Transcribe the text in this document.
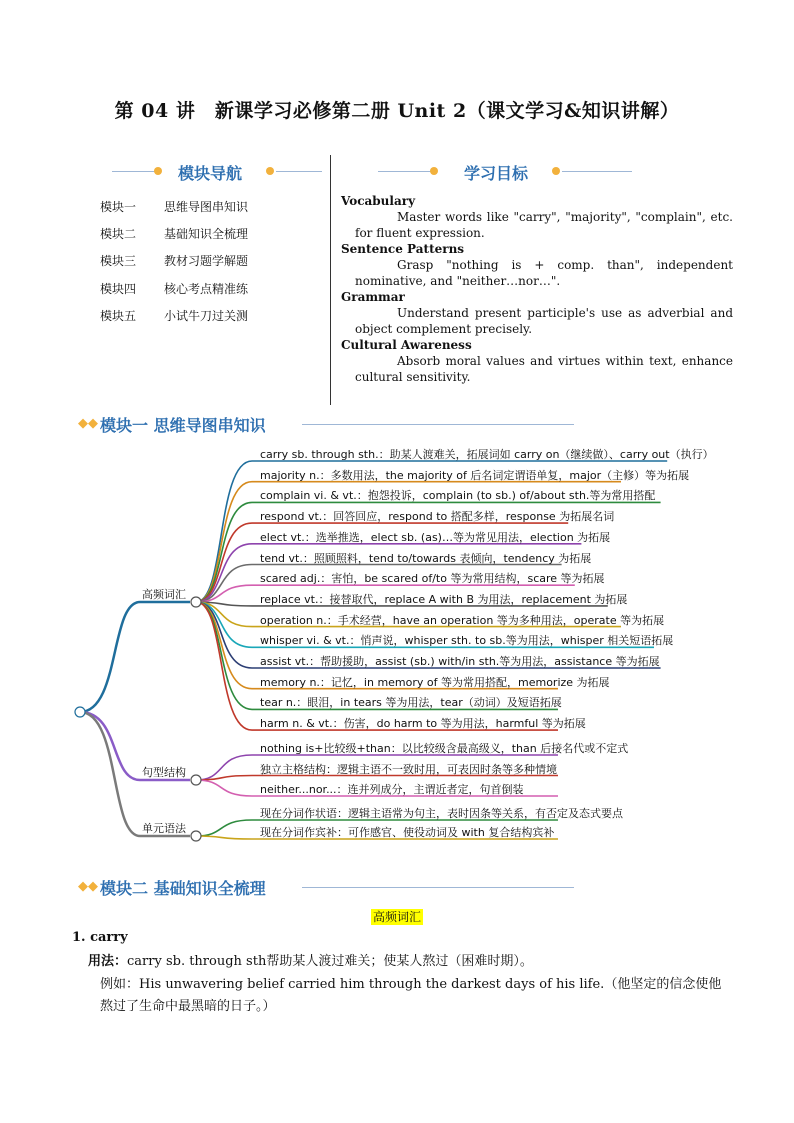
第 04 讲　新课学习必修第二册 Unit 2（课文学习&知识讲解）
模块导航
模块一 思维导图串知识
模块二 基础知识全梳理
模块三 教材习题学解题
模块四 核心考点精准练
模块五 小试牛刀过关测
学习目标
Vocabulary
Master words like "carry", "majority", "complain", etc. for fluent expression.
Sentence Patterns
Grasp "nothing is + comp. than", independent nominative, and "neither…nor…".
Grammar
Understand present participle's use as adverbial and object complement precisely.
Cultural Awareness
Absorb moral values and virtues within text, enhance cultural sensitivity.
◆◆ 模块一 思维导图串知识
高频词汇
carry sb. through sth.：助某人渡难关，拓展词如 carry on（继续做）、carry out（执行）
majority n.：多数用法，the majority of 后名词定谓语单复，major（主修）等为拓展
complain vi. & vt.：抱怨投诉，complain (to sb.) of/about sth.等为常用搭配
respond vt.：回答回应，respond to 搭配多样，response 为拓展名词
elect vt.：选举推选，elect sb. (as)…等为常见用法，election 为拓展
tend vt.：照顾照料，tend to/towards 表倾向，tendency 为拓展
scared adj.：害怕，be scared of/to 等为常用结构，scare 等为拓展
replace vt.：接替取代，replace A with B 为用法，replacement 为拓展
operation n.：手术经营，have an operation 等为多种用法，operate 等为拓展
whisper vi. & vt.：悄声说，whisper sth. to sb.等为用法，whisper 相关短语拓展
assist vt.：帮助援助，assist (sb.) with/in sth.等为用法，assistance 等为拓展
memory n.：记忆，in memory of 等为常用搭配，memorize 为拓展
tear n.：眼泪，in tears 等为用法，tear（动词）及短语拓展
harm n. & vt.：伤害，do harm to 等为用法，harmful 等为拓展
句型结构
nothing is+比较级+than：以比较级含最高级义，than 后接名代或不定式
独立主格结构：逻辑主语不一致时用，可表因时条等多种情境
neither...nor...：连并列成分，主谓近者定，句首倒装
单元语法
现在分词作状语：逻辑主语常为句主，表时因条等关系，有否定及态式要点
现在分词作宾补：可作感官、使役动词及 with 复合结构宾补
◆◆ 模块二 基础知识全梳理
高频词汇
1. carry
用法：carry sb. through sth帮助某人渡过难关；使某人熬过（困难时期）。
例如：His unwavering belief carried him through the darkest days of his life.（他坚定的信念使他熬过了生命中最黑暗的日子。）
